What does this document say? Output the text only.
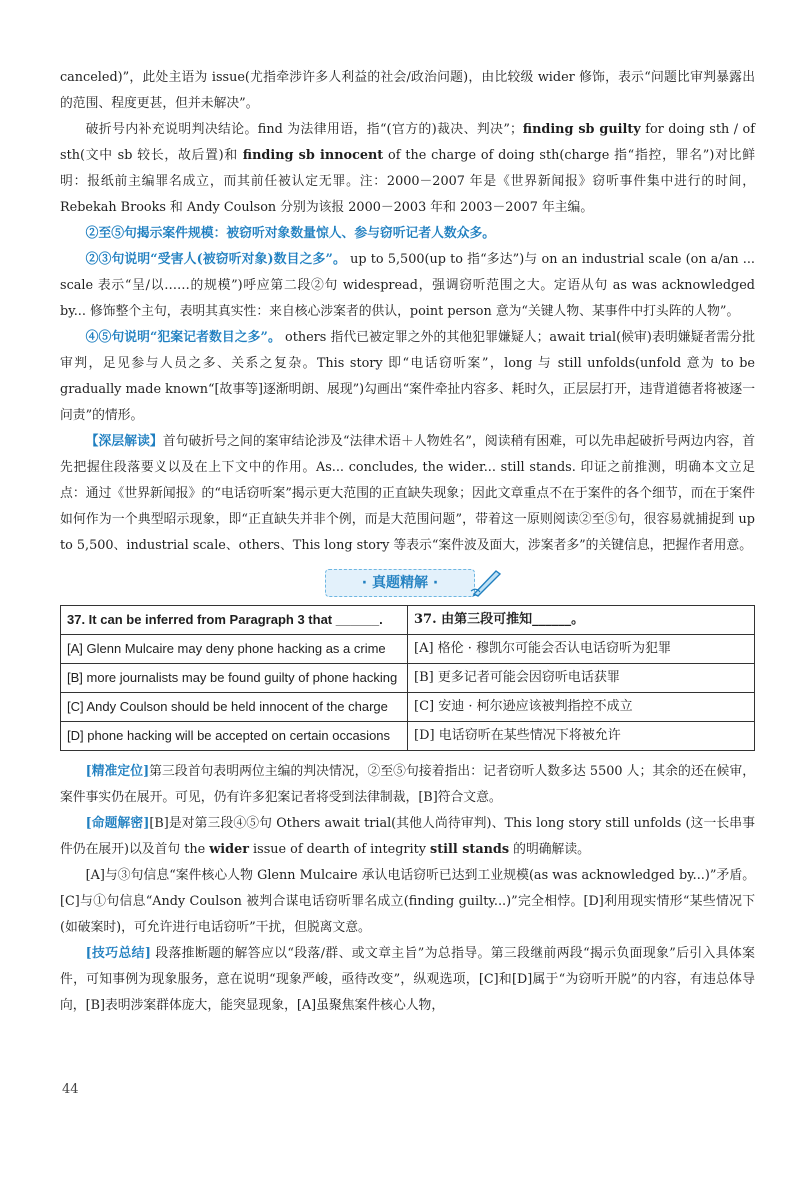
canceled)”，此处主语为 issue(尤指牵涉许多人利益的社会/政治问题)，由比较级 wider 修饰，表示“问题比审判暴露出的范围、程度更甚，但并未解决”。

破折号内补充说明判决结论。find 为法律用语，指“(官方的)裁决、判决”；finding sb guilty for doing sth / of sth(文中 sb 较长，故后置)和 finding sb innocent of the charge of doing sth(charge 指“指控，罪名”)对比鲜明：报纸前主编罪名成立，而其前任被认定无罪。注：2000－2007 年是《世界新闻报》窃听事件集中进行的时间，Rebekah Brooks 和 Andy Coulson 分别为该报 2000－2003 年和 2003－2007 年主编。

②至⑤句揭示案件规模：被窃听对象数量惊人、参与窃听记者人数众多。

②③句说明“受害人(被窃听对象)数目之多”。 up to 5,500(up to 指“多达”)与 on an industrial scale (on a/an ... scale 表示“呈/以……的规模”)呼应第二段②句 widespread，强调窃听范围之大。定语从句 as was acknowledged by... 修饰整个主句，表明其真实性：来自核心涉案者的供认，point person 意为“关键人物、某事件中打头阵的人物”。

④⑤句说明“犯案记者数目之多”。 others 指代已被定罪之外的其他犯罪嫌疑人；await trial(候审)表明嫌疑者需分批审判，足见参与人员之多、关系之复杂。This story 即“电话窃听案”，long 与 still unfolds(unfold 意为 to be gradually made known“[故事等]逐渐明朗、展现”)勾画出“案件牵扯内容多、耗时久，正层层打开，违背道德者将被逐一问责”的情形。

【深层解读】首句破折号之间的案审结论涉及“法律术语＋人物姓名”，阅读稍有困难，可以先串起破折号两边内容，首先把握住段落要义以及在上下文中的作用。As... concludes, the wider... still stands. 印证之前推测，明确本文立足点：通过《世界新闻报》的“电话窃听案”揭示更大范围的正直缺失现象；因此文章重点不在于案件的各个细节，而在于案件如何作为一个典型昭示现象，即“正直缺失并非个例，而是大范围问题”，带着这一原则阅读②至⑤句，很容易就捕捉到 up to 5,500、industrial scale、others、This long story 等表示“案件波及面大，涉案者多”的关键信息，把握作者用意。

· 真题精解 ·
37. It can be inferred from Paragraph 3 that ______.	37. 由第三段可推知______。
[A] Glenn Mulcaire may deny phone hacking as a crime	[A] 格伦 · 穆凯尔可能会否认电话窃听为犯罪
[B] more journalists may be found guilty of phone hacking	[B] 更多记者可能会因窃听电话获罪
[C] Andy Coulson should be held innocent of the charge	[C] 安迪 · 柯尔逊应该被判指控不成立
[D] phone hacking will be accepted on certain occasions	[D] 电话窃听在某些情况下将被允许

[精准定位]第三段首句表明两位主编的判决情况，②至⑤句接着指出：记者窃听人数多达 5500 人；其余的还在候审，案件事实仍在展开。可见，仍有许多犯案记者将受到法律制裁，[B]符合文意。

[命题解密][B]是对第三段④⑤句 Others await trial(其他人尚待审判)、This long story still unfolds (这一长串事件仍在展开)以及首句 the wider issue of dearth of integrity still stands 的明确解读。

[A]与③句信息“案件核心人物 Glenn Mulcaire 承认电话窃听已达到工业规模(as was acknowledged by...)”矛盾。[C]与①句信息“Andy Coulson 被判合谋电话窃听罪名成立(finding guilty...)”完全相悖。[D]利用现实情形“某些情况下(如破案时)，可允许进行电话窃听”干扰，但脱离文意。

[技巧总结] 段落推断题的解答应以“段落/群、或文章主旨”为总指导。第三段继前两段“揭示负面现象”后引入具体案件，可知事例为现象服务，意在说明“现象严峻，亟待改变”，纵观选项，[C]和[D]属于“为窃听开脱”的内容，有违总体导向，[B]表明涉案群体庞大，能突显现象，[A]虽聚焦案件核心人物，

44
